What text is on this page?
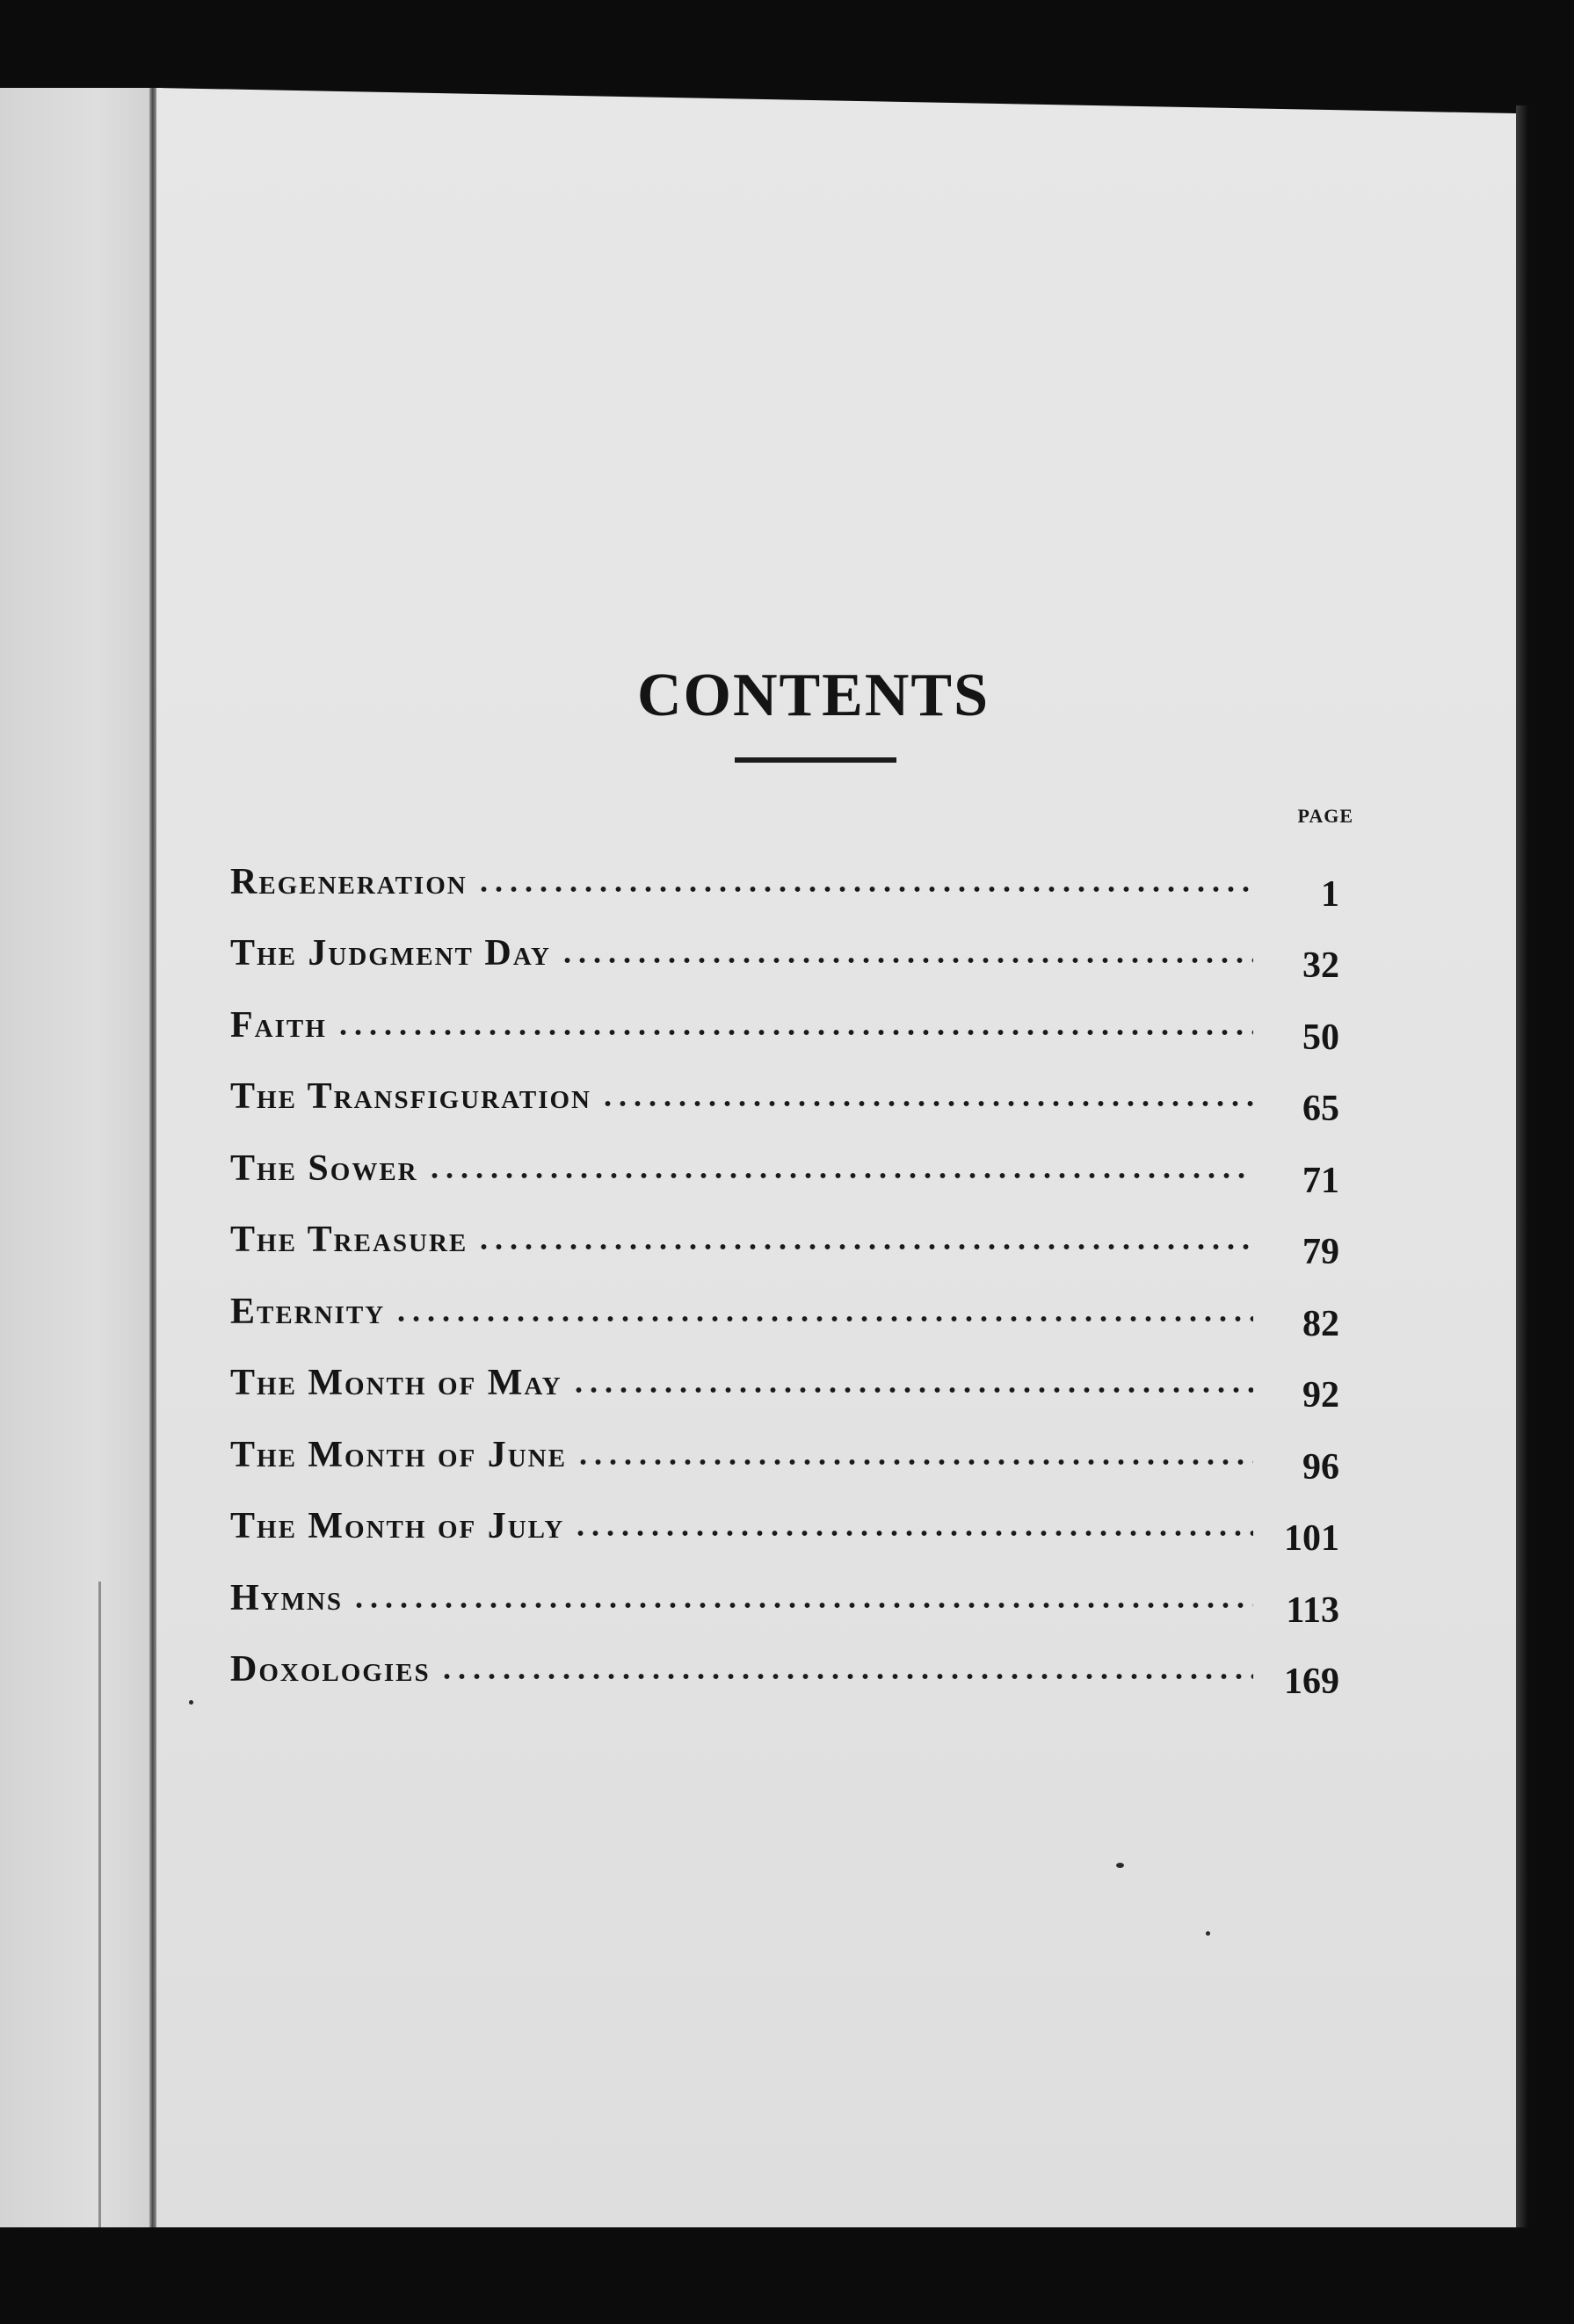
CONTENTS
PAGE
Regeneration	1
The Judgment Day	32
Faith	50
The Transfiguration	65
The Sower	71
The Treasure	79
Eternity	82
The Month of May	92
The Month of June	96
The Month of July	101
Hymns	113
Doxologies	169
